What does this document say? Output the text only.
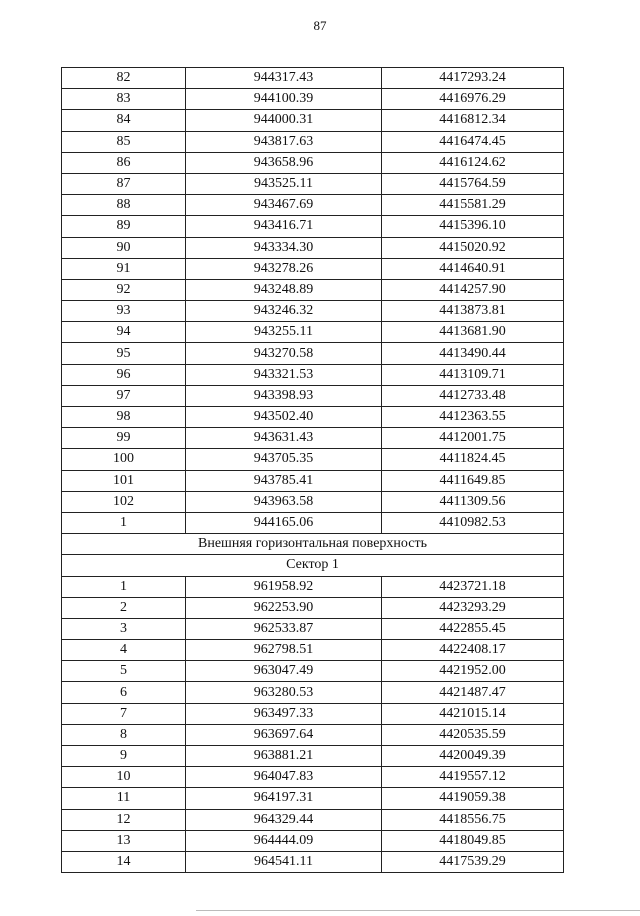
87
82	944317.43	4417293.24
83	944100.39	4416976.29
84	944000.31	4416812.34
85	943817.63	4416474.45
86	943658.96	4416124.62
87	943525.11	4415764.59
88	943467.69	4415581.29
89	943416.71	4415396.10
90	943334.30	4415020.92
91	943278.26	4414640.91
92	943248.89	4414257.90
93	943246.32	4413873.81
94	943255.11	4413681.90
95	943270.58	4413490.44
96	943321.53	4413109.71
97	943398.93	4412733.48
98	943502.40	4412363.55
99	943631.43	4412001.75
100	943705.35	4411824.45
101	943785.41	4411649.85
102	943963.58	4411309.56
1	944165.06	4410982.53
Внешняя горизонтальная поверхность		
Сектор 1		
1	961958.92	4423721.18
2	962253.90	4423293.29
3	962533.87	4422855.45
4	962798.51	4422408.17
5	963047.49	4421952.00
6	963280.53	4421487.47
7	963497.33	4421015.14
8	963697.64	4420535.59
9	963881.21	4420049.39
10	964047.83	4419557.12
11	964197.31	4419059.38
12	964329.44	4418556.75
13	964444.09	4418049.85
14	964541.11	4417539.29
